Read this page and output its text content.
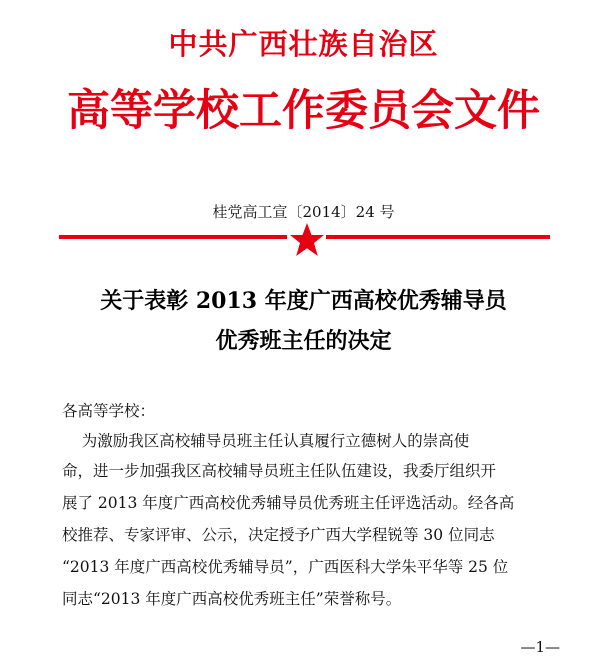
中共广西壮族自治区
高等学校工作委员会文件
桂党高工宣〔2014〕24 号
关于表彰 2013 年度广西高校优秀辅导员
优秀班主任的决定
各高等学校：
为激励我区高校辅导员班主任认真履行立德树人的崇高使
命，进一步加强我区高校辅导员班主任队伍建设，我委厅组织开
展了 2013 年度广西高校优秀辅导员优秀班主任评选活动。经各高
校推荐、专家评审、公示，决定授予广西大学程锐等 30 位同志
“2013 年度广西高校优秀辅导员”，广西医科大学朱平华等 25 位
同志“2013 年度广西高校优秀班主任”荣誉称号。
—1—
